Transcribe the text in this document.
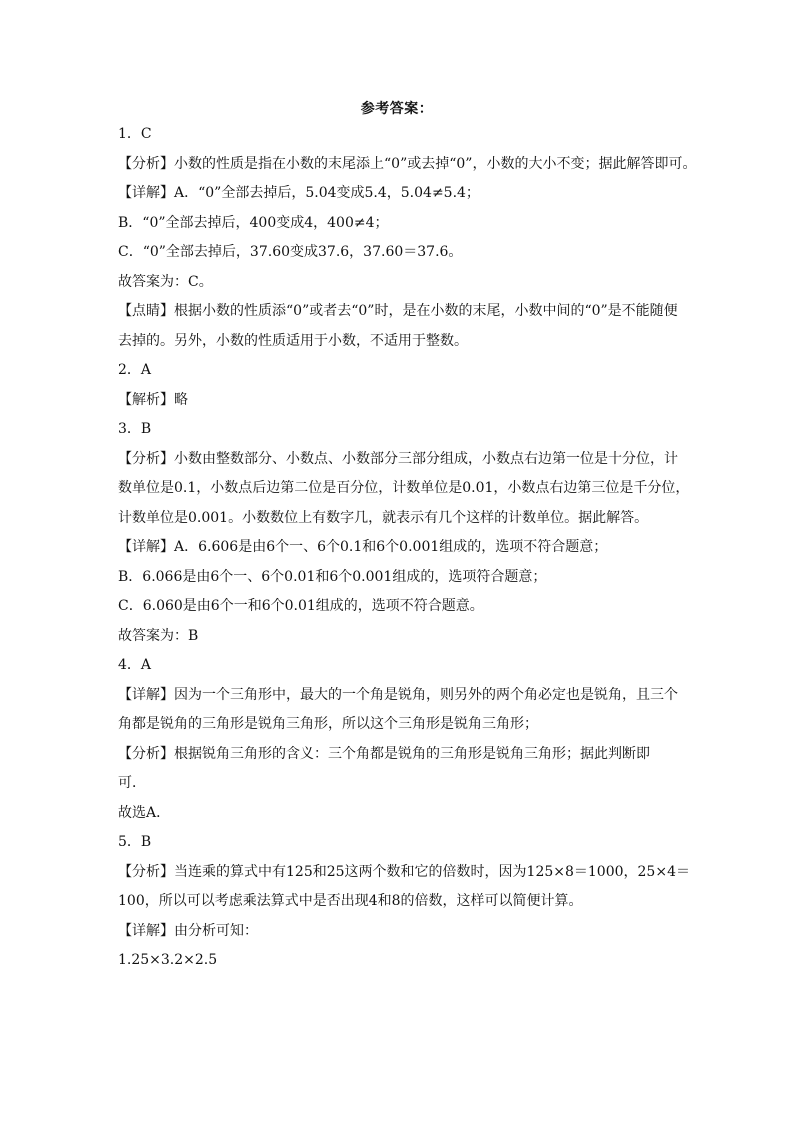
参考答案：
1．C
【分析】小数的性质是指在小数的末尾添上“0”或去掉“0”，小数的大小不变；据此解答即可。
【详解】A．“0”全部去掉后，5.04变成5.4，5.04≠5.4；
B．“0”全部去掉后，400变成4，400≠4；
C．“0”全部去掉后，37.60变成37.6，37.60＝37.6。
故答案为：C。
【点睛】根据小数的性质添“0”或者去“0”时，是在小数的末尾，小数中间的“0”是不能随便
去掉的。另外，小数的性质适用于小数，不适用于整数。
2．A
【解析】略
3．B
【分析】小数由整数部分、小数点、小数部分三部分组成，小数点右边第一位是十分位，计
数单位是0.1，小数点后边第二位是百分位，计数单位是0.01，小数点右边第三位是千分位，
计数单位是0.001。小数数位上有数字几，就表示有几个这样的计数单位。据此解答。
【详解】A．6.606是由6个一、6个0.1和6个0.001组成的，选项不符合题意；
B．6.066是由6个一、6个0.01和6个0.001组成的，选项符合题意；
C．6.060是由6个一和6个0.01组成的，选项不符合题意。
故答案为：B
4．A
【详解】因为一个三角形中，最大的一个角是锐角，则另外的两个角必定也是锐角，且三个
角都是锐角的三角形是锐角三角形，所以这个三角形是锐角三角形；
【分析】根据锐角三角形的含义：三个角都是锐角的三角形是锐角三角形；据此判断即
可．
故选A．
5．B
【分析】当连乘的算式中有125和25这两个数和它的倍数时，因为125×8＝1000，25×4＝
100，所以可以考虑乘法算式中是否出现4和8的倍数，这样可以简便计算。
【详解】由分析可知：
1.25×3.2×2.5
